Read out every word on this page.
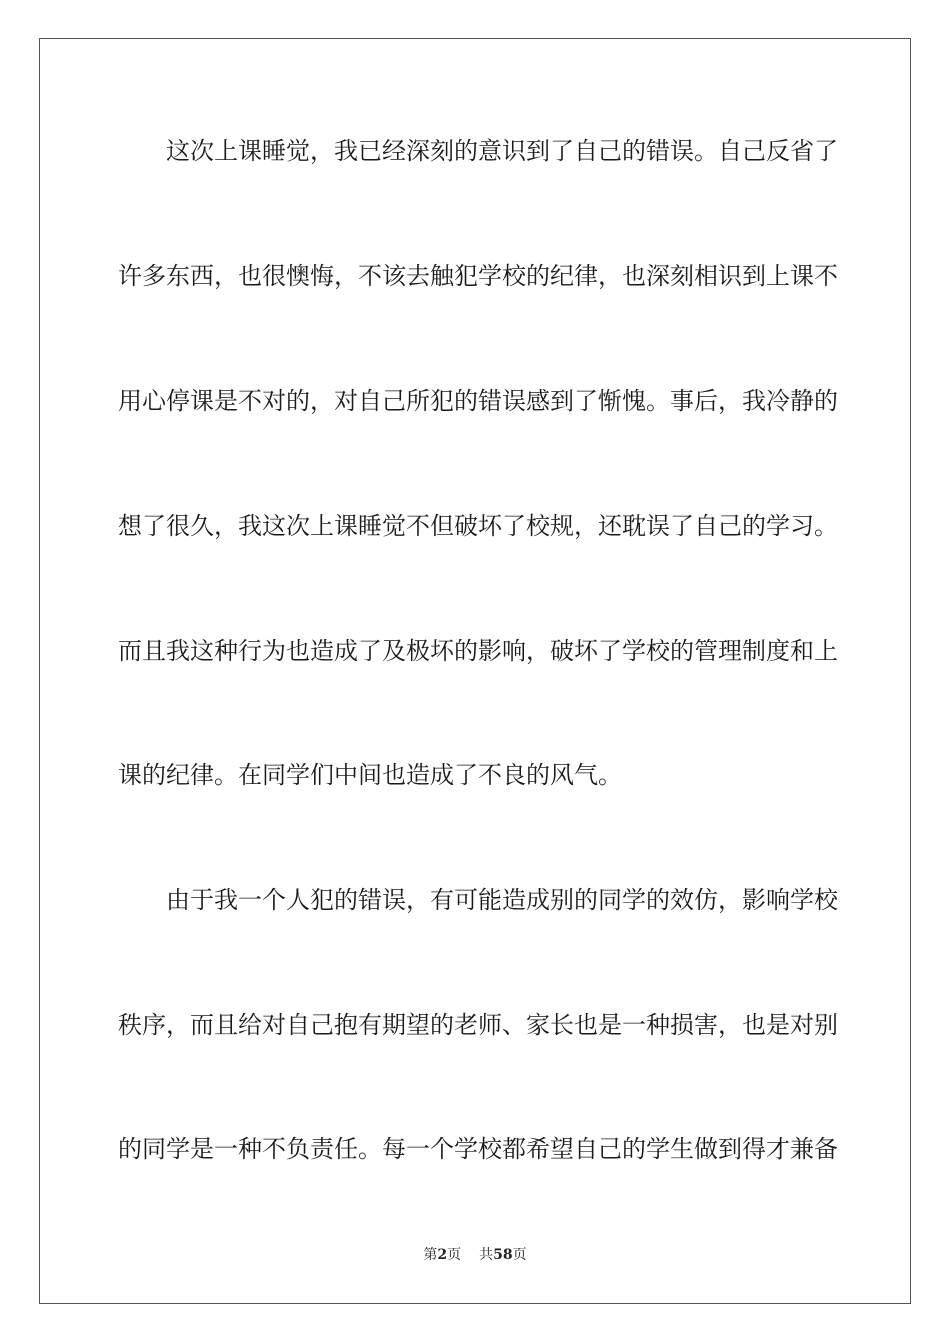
这次上课睡觉，我已经深刻的意识到了自己的错误。自己反省了
许多东西，也很懊悔，不该去触犯学校的纪律，也深刻相识到上课不
用心停课是不对的，对自己所犯的错误感到了惭愧。事后，我冷静的
想了很久，我这次上课睡觉不但破坏了校规，还耽误了自己的学习。
而且我这种行为也造成了及极坏的影响，破坏了学校的管理制度和上
课的纪律。在同学们中间也造成了不良的风气。
由于我一个人犯的错误，有可能造成别的同学的效仿，影响学校
秩序，而且给对自己抱有期望的老师、家长也是一种损害，也是对别
的同学是一种不负责任。每一个学校都希望自己的学生做到得才兼备
第2页 共58页
